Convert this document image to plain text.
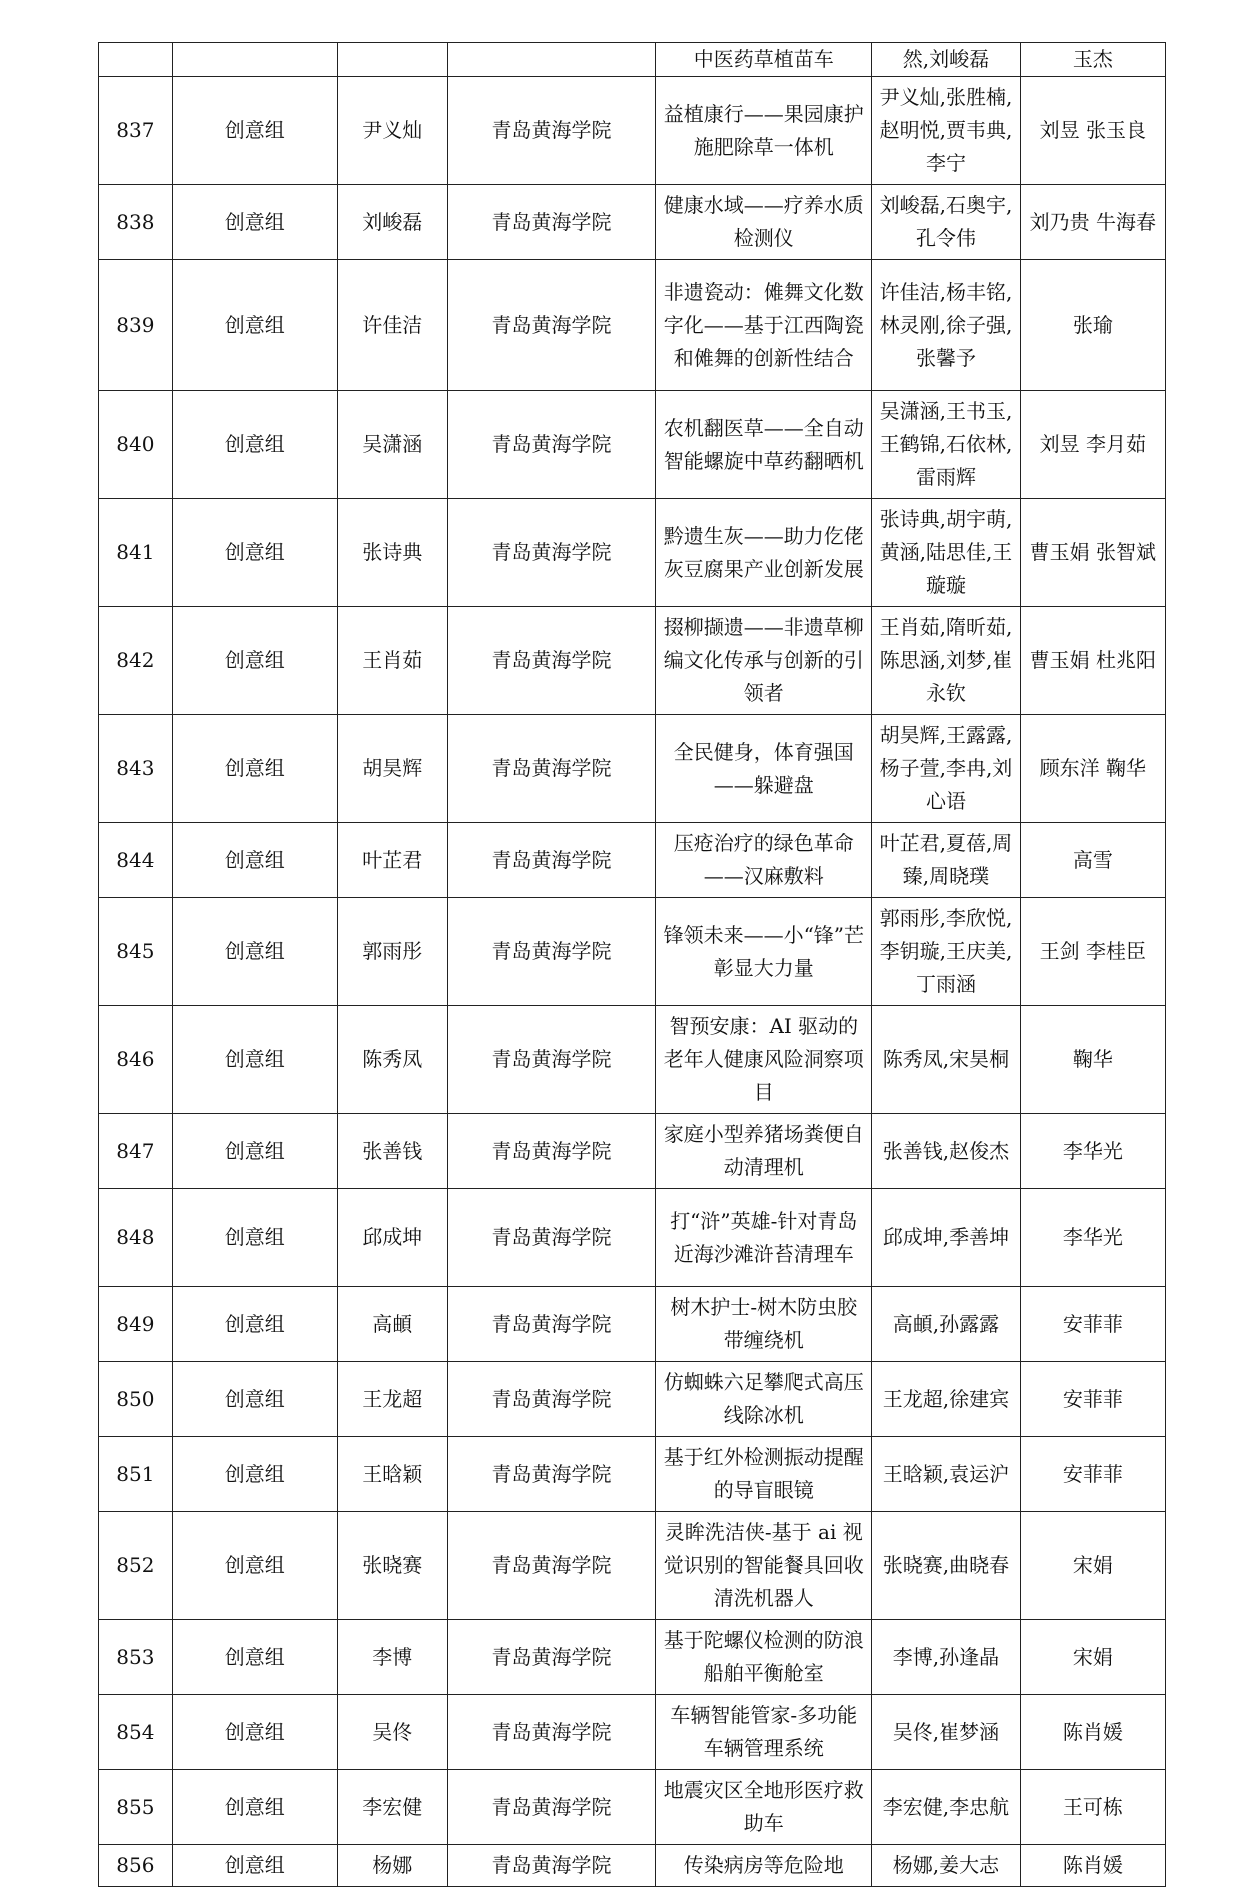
				中医药草植苗车	然,刘峻磊	玉杰
837	创意组	尹义灿	青岛黄海学院	益植康行——果园康护施肥除草一体机	尹义灿,张胜楠,赵明悦,贾韦典,李宁	刘昱 张玉良
838	创意组	刘峻磊	青岛黄海学院	健康水域——疗养水质检测仪	刘峻磊,石奥宇,孔令伟	刘乃贵 牛海春
839	创意组	许佳洁	青岛黄海学院	非遗瓷动：傩舞文化数字化——基于江西陶瓷和傩舞的创新性结合	许佳洁,杨丰铭,林灵刚,徐子强,张馨予	张瑜
840	创意组	吴潇涵	青岛黄海学院	农机翻医草——全自动智能螺旋中草药翻晒机	吴潇涵,王书玉,王鹤锦,石依林,雷雨辉	刘昱 李月茹
841	创意组	张诗典	青岛黄海学院	黔遗生灰——助力仡佬灰豆腐果产业创新发展	张诗典,胡宇萌,黄涵,陆思佳,王璇璇	曹玉娟 张智斌
842	创意组	王肖茹	青岛黄海学院	掇柳撷遗——非遗草柳编文化传承与创新的引领者	王肖茹,隋昕茹,陈思涵,刘梦,崔永钦	曹玉娟 杜兆阳
843	创意组	胡昊辉	青岛黄海学院	全民健身，体育强国——躲避盘	胡昊辉,王露露,杨子萱,李冉,刘心语	顾东洋 鞠华
844	创意组	叶芷君	青岛黄海学院	压疮治疗的绿色革命——汉麻敷料	叶芷君,夏蓓,周臻,周晓璞	高雪
845	创意组	郭雨彤	青岛黄海学院	锋领未来——小“锋”芒彰显大力量	郭雨彤,李欣悦,李钥璇,王庆美,丁雨涵	王剑 李桂臣
846	创意组	陈秀凤	青岛黄海学院	智预安康：AI 驱动的老年人健康风险洞察项目	陈秀凤,宋昊桐	鞠华
847	创意组	张善钱	青岛黄海学院	家庭小型养猪场粪便自动清理机	张善钱,赵俊杰	李华光
848	创意组	邱成坤	青岛黄海学院	打“浒”英雄-针对青岛近海沙滩浒苔清理车	邱成坤,季善坤	李华光
849	创意组	高頔	青岛黄海学院	树木护士-树木防虫胶带缠绕机	高頔,孙露露	安菲菲
850	创意组	王龙超	青岛黄海学院	仿蜘蛛六足攀爬式高压线除冰机	王龙超,徐建宾	安菲菲
851	创意组	王晗颖	青岛黄海学院	基于红外检测振动提醒的导盲眼镜	王晗颖,袁运沪	安菲菲
852	创意组	张晓赛	青岛黄海学院	灵眸洗洁侠-基于 ai 视觉识别的智能餐具回收清洗机器人	张晓赛,曲晓春	宋娟
853	创意组	李博	青岛黄海学院	基于陀螺仪检测的防浪船舶平衡舱室	李博,孙逢晶	宋娟
854	创意组	吴佟	青岛黄海学院	车辆智能管家-多功能车辆管理系统	吴佟,崔梦涵	陈肖媛
855	创意组	李宏健	青岛黄海学院	地震灾区全地形医疗救助车	李宏健,李忠航	王可栋
856	创意组	杨娜	青岛黄海学院	传染病房等危险地	杨娜,姜大志	陈肖媛
